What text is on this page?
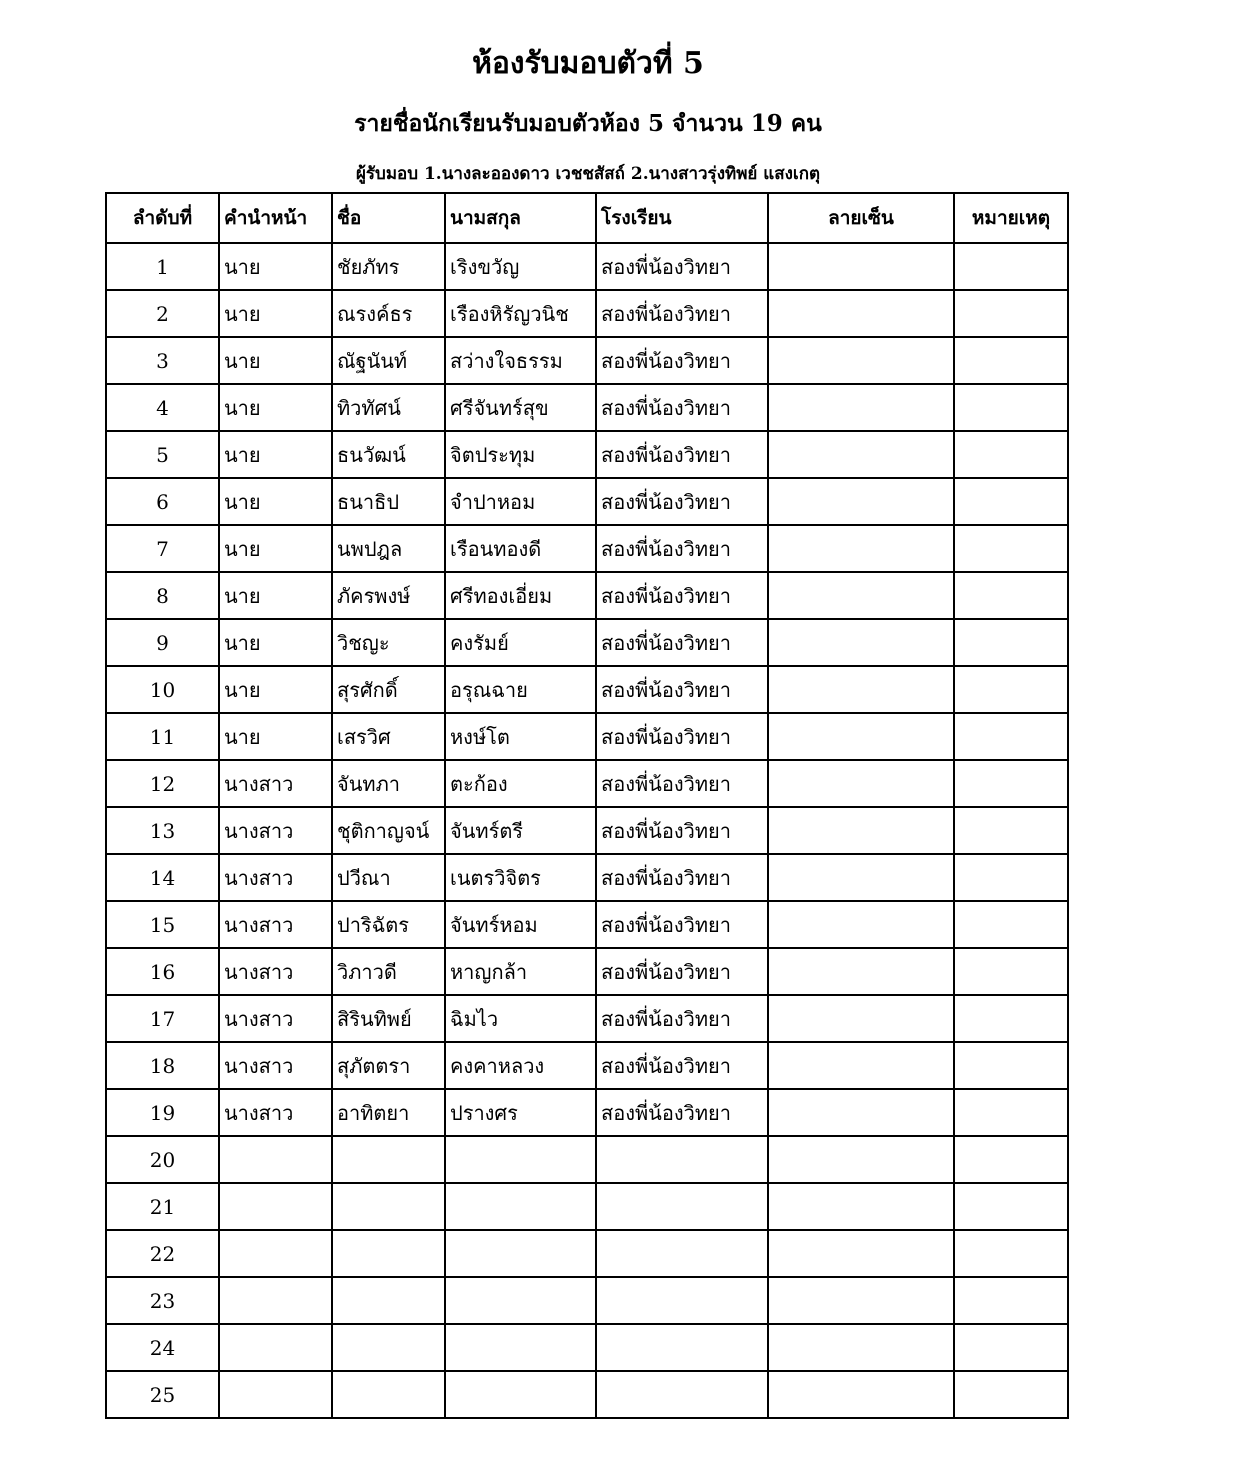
ห้องรับมอบตัวที่ 5
รายชื่อนักเรียนรับมอบตัวห้อง 5 จำนวน 19 คน
ผู้รับมอบ 1.นางละอองดาว เวชชสัสถ์ 2.นางสาวรุ่งทิพย์ แสงเกตุ
ลำดับที่	คำนำหน้า	ชื่อ	นามสกุล	โรงเรียน	ลายเซ็น	หมายเหตุ
1	นาย	ชัยภัทร	เริงขวัญ	สองพี่น้องวิทยา		
2	นาย	ณรงค์ธร	เรืองหิรัญวนิช	สองพี่น้องวิทยา		
3	นาย	ณัฐนันท์	สว่างใจธรรม	สองพี่น้องวิทยา		
4	นาย	ทิวทัศน์	ศรีจันทร์สุข	สองพี่น้องวิทยา		
5	นาย	ธนวัฒน์	จิตประทุม	สองพี่น้องวิทยา		
6	นาย	ธนาธิป	จำปาหอม	สองพี่น้องวิทยา		
7	นาย	นพปฎล	เรือนทองดี	สองพี่น้องวิทยา		
8	นาย	ภัครพงษ์	ศรีทองเอี่ยม	สองพี่น้องวิทยา		
9	นาย	วิชญะ	คงรัมย์	สองพี่น้องวิทยา		
10	นาย	สุรศักดิ์	อรุณฉาย	สองพี่น้องวิทยา		
11	นาย	เสรวิศ	หงษ์โต	สองพี่น้องวิทยา		
12	นางสาว	จันทภา	ตะก้อง	สองพี่น้องวิทยา		
13	นางสาว	ชุติกาญจน์	จันทร์ตรี	สองพี่น้องวิทยา		
14	นางสาว	ปวีณา	เนตรวิจิตร	สองพี่น้องวิทยา		
15	นางสาว	ปาริฉัตร	จันทร์หอม	สองพี่น้องวิทยา		
16	นางสาว	วิภาวดี	หาญกล้า	สองพี่น้องวิทยา		
17	นางสาว	สิรินทิพย์	ฉิมไว	สองพี่น้องวิทยา		
18	นางสาว	สุภัตตรา	คงคาหลวง	สองพี่น้องวิทยา		
19	นางสาว	อาทิตยา	ปรางศร	สองพี่น้องวิทยา		
20						
21						
22						
23						
24						
25						
